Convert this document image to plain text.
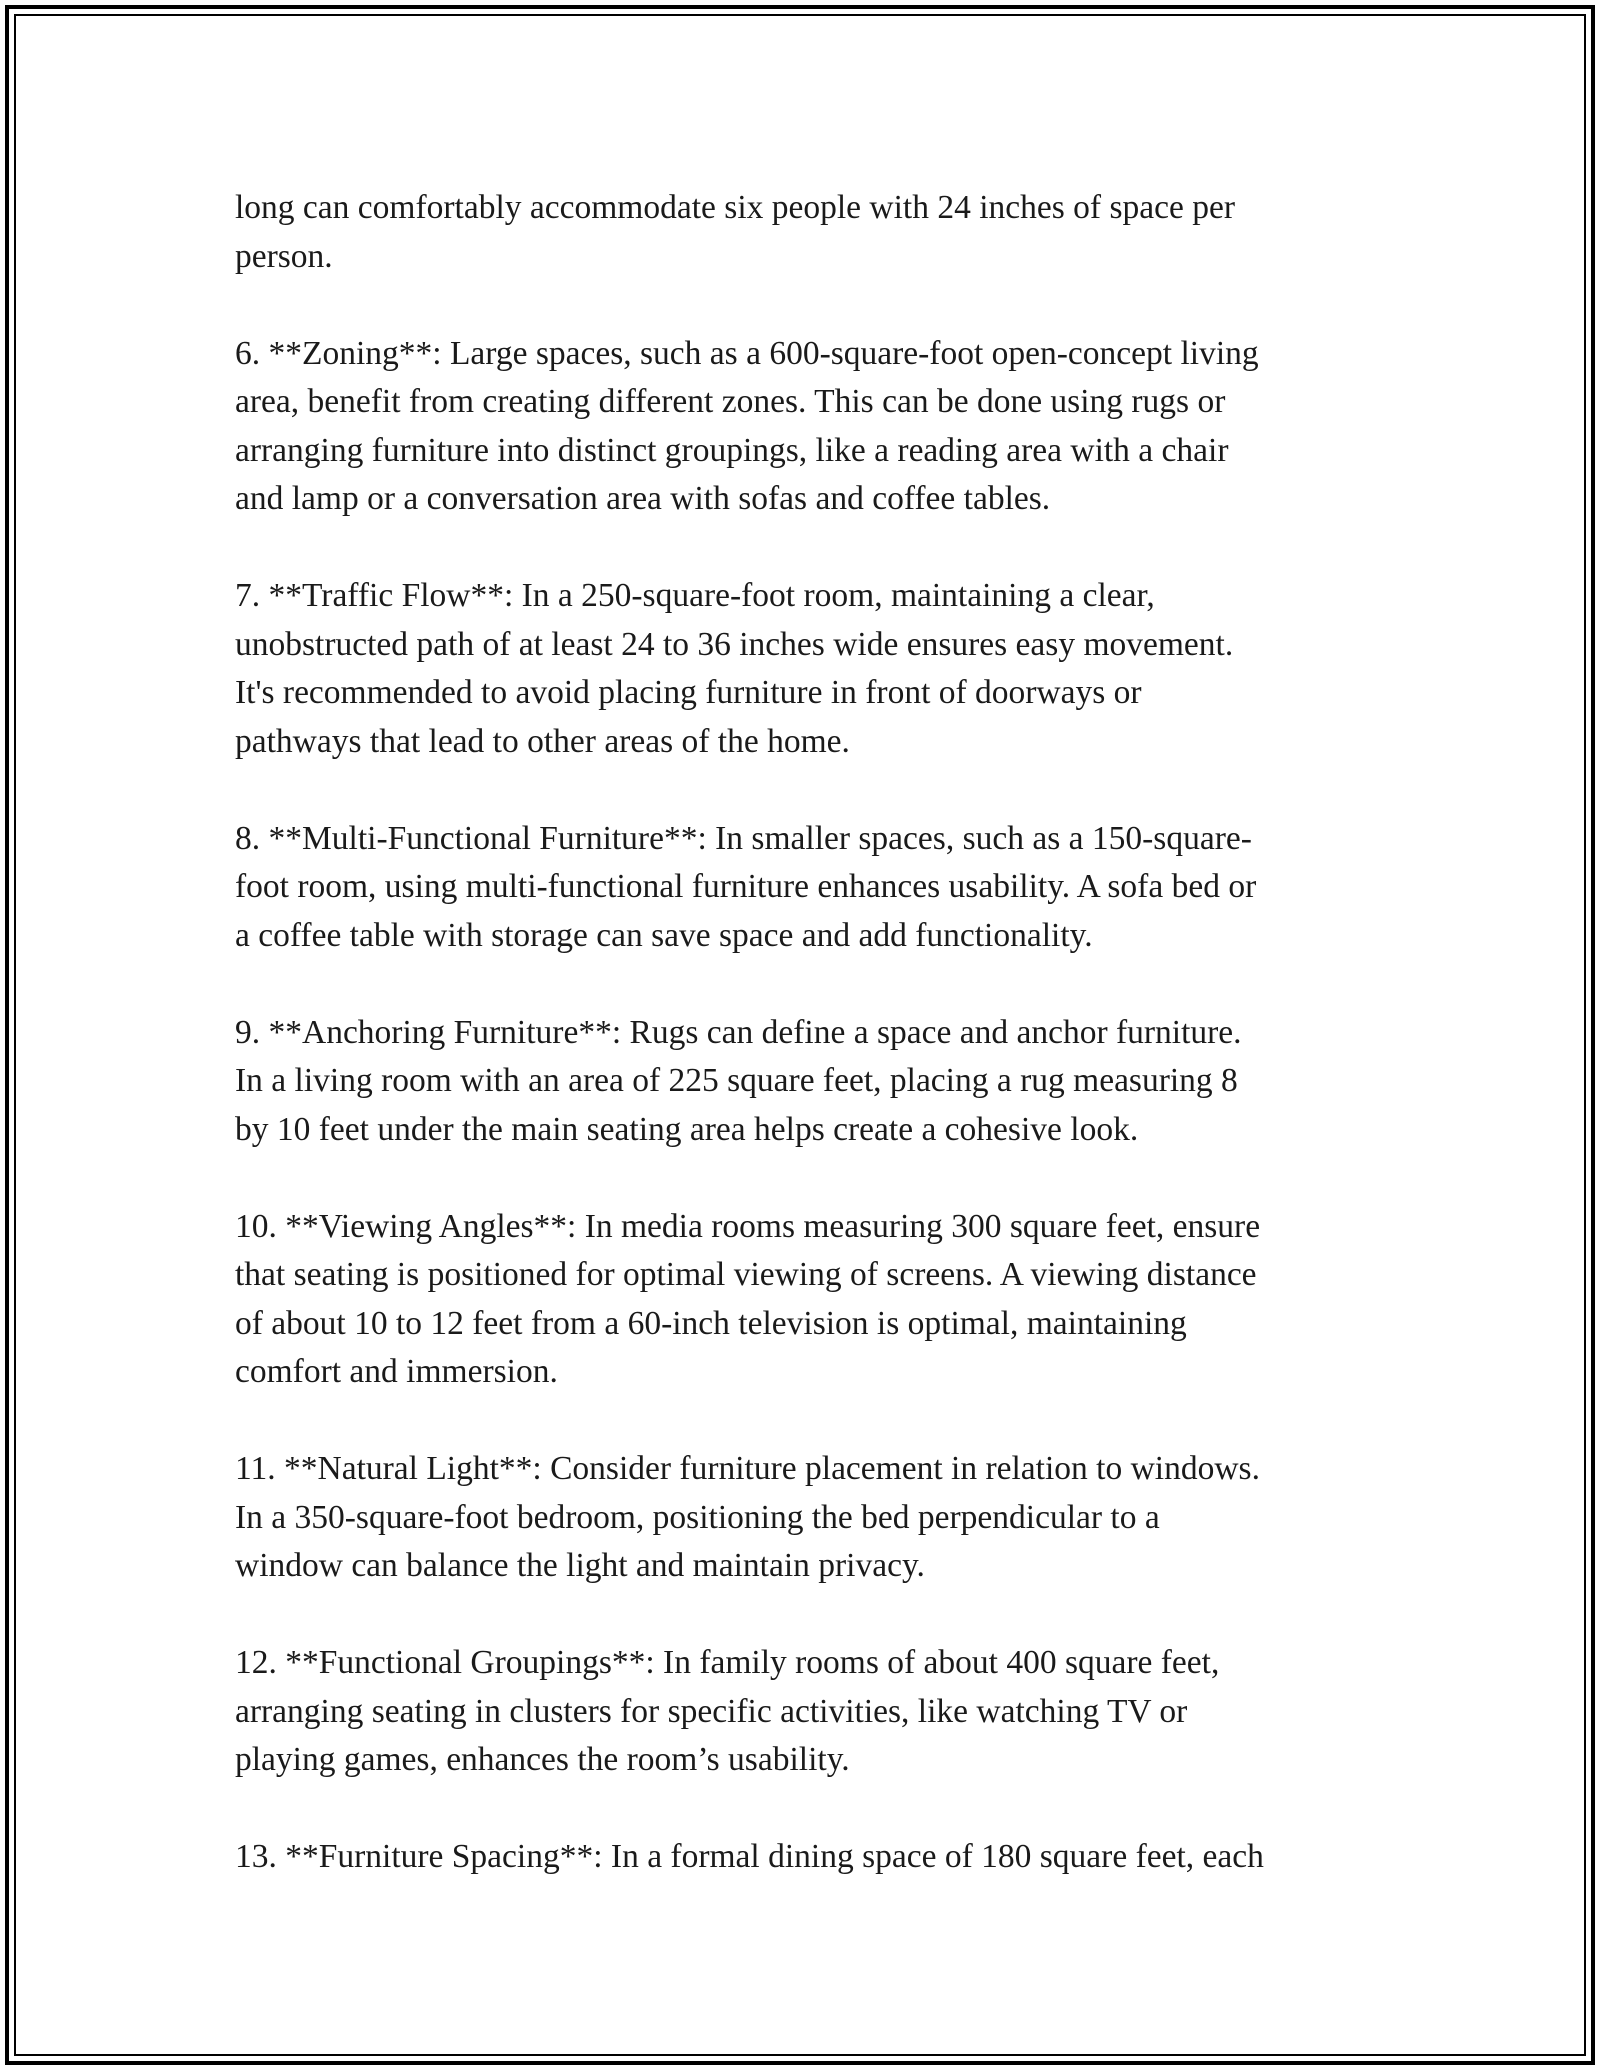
long can comfortably accommodate six people with 24 inches of space per
person.

6. **Zoning**: Large spaces, such as a 600-square-foot open-concept living
area, benefit from creating different zones. This can be done using rugs or
arranging furniture into distinct groupings, like a reading area with a chair
and lamp or a conversation area with sofas and coffee tables.

7. **Traffic Flow**: In a 250-square-foot room, maintaining a clear,
unobstructed path of at least 24 to 36 inches wide ensures easy movement.
It's recommended to avoid placing furniture in front of doorways or
pathways that lead to other areas of the home.

8. **Multi-Functional Furniture**: In smaller spaces, such as a 150-square-
foot room, using multi-functional furniture enhances usability. A sofa bed or
a coffee table with storage can save space and add functionality.

9. **Anchoring Furniture**: Rugs can define a space and anchor furniture.
In a living room with an area of 225 square feet, placing a rug measuring 8
by 10 feet under the main seating area helps create a cohesive look.

10. **Viewing Angles**: In media rooms measuring 300 square feet, ensure
that seating is positioned for optimal viewing of screens. A viewing distance
of about 10 to 12 feet from a 60-inch television is optimal, maintaining
comfort and immersion.

11. **Natural Light**: Consider furniture placement in relation to windows.
In a 350-square-foot bedroom, positioning the bed perpendicular to a
window can balance the light and maintain privacy.

12. **Functional Groupings**: In family rooms of about 400 square feet,
arranging seating in clusters for specific activities, like watching TV or
playing games, enhances the room’s usability.

13. **Furniture Spacing**: In a formal dining space of 180 square feet, each
